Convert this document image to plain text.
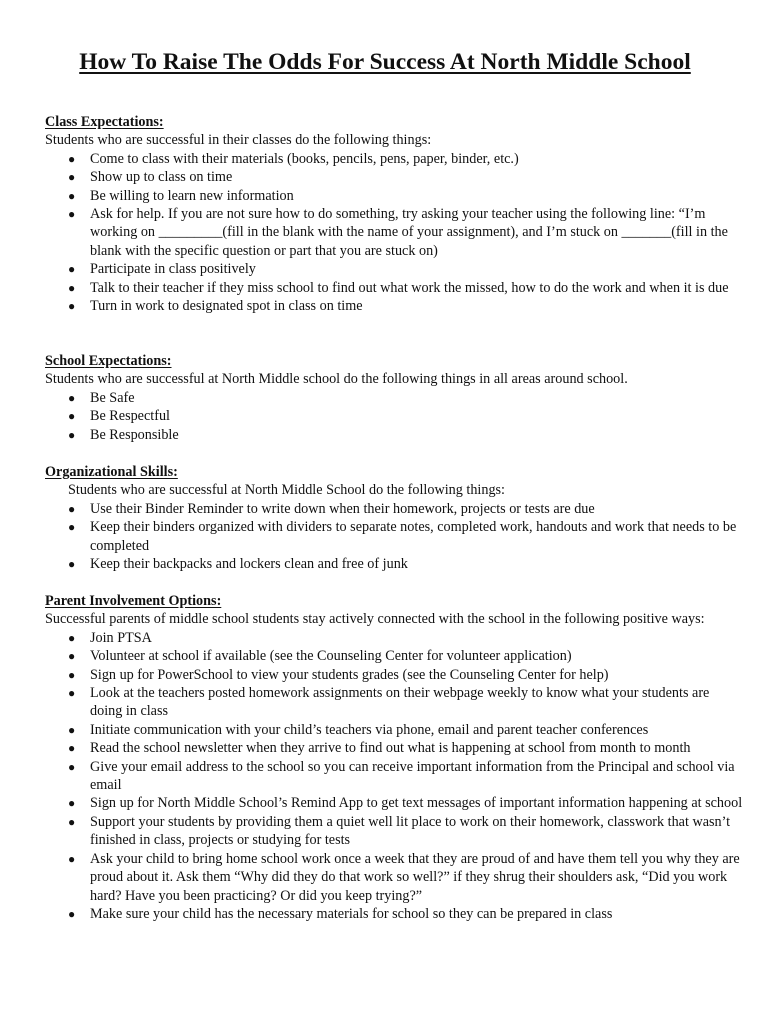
How To Raise The Odds For Success At North Middle School
Class Expectations:

Students who are successful in their classes do the following things:

● Come to class with their materials (books, pencils, pens, paper, binder, etc.)
● Show up to class on time
● Be willing to learn new information
● Ask for help. If you are not sure how to do something, try asking your teacher using the following line: “I’m working on _________(fill in the blank with the name of your assignment), and I’m stuck on _______(fill in the blank with the specific question or part that you are stuck on)
● Participate in class positively
● Talk to their teacher if they miss school to find out what work the missed, how to do the work and when it is due
● Turn in work to designated spot in class on time
School Expectations:

Students who are successful at North Middle school do the following things in all areas around school.

● Be Safe
● Be Respectful
● Be Responsible
Organizational Skills:

Students who are successful at North Middle School do the following things:

● Use their Binder Reminder to write down when their homework, projects or tests are due
● Keep their binders organized with dividers to separate notes, completed work, handouts and work that needs to be completed
● Keep their backpacks and lockers clean and free of junk
Parent Involvement Options:

Successful parents of middle school students stay actively connected with the school in the following positive ways:

● Join PTSA
● Volunteer at school if available (see the Counseling Center for volunteer application)
● Sign up for PowerSchool to view your students grades (see the Counseling Center for help)
● Look at the teachers posted homework assignments on their webpage weekly to know what your students are doing in class
● Initiate communication with your child’s teachers via phone, email and parent teacher conferences
● Read the school newsletter when they arrive to find out what is happening at school from month to month
● Give your email address to the school so you can receive important information from the Principal and school via email
● Sign up for North Middle School’s Remind App to get text messages of important information happening at school
● Support your students by providing them a quiet well lit place to work on their homework, classwork that wasn’t finished in class, projects or studying for tests
● Ask your child to bring home school work once a week that they are proud of and have them tell you why they are proud about it. Ask them “Why did they do that work so well?” if they shrug their shoulders ask, “Did you work hard? Have you been practicing? Or did you keep trying?”
● Make sure your child has the necessary materials for school so they can be prepared in class
